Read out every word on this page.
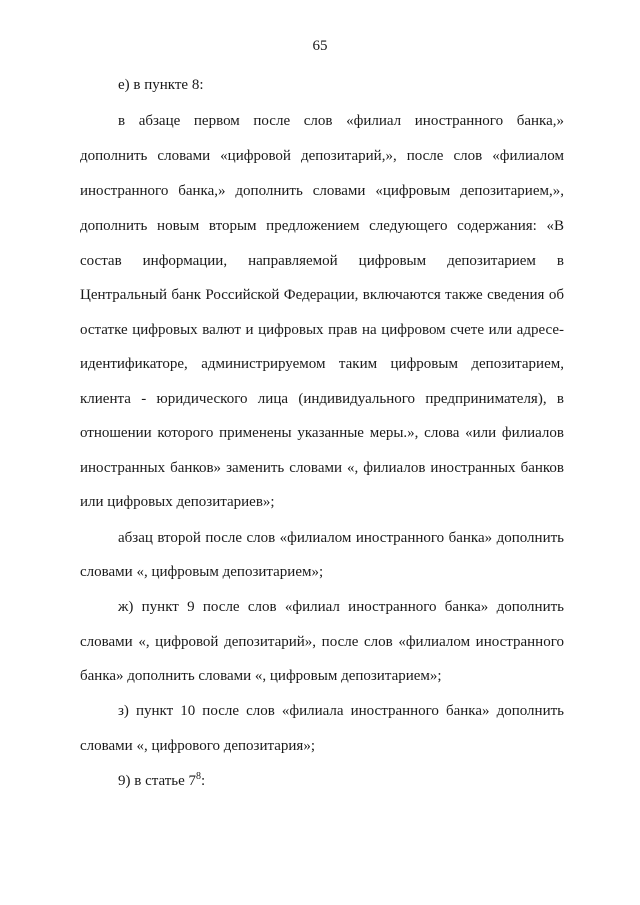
65
е) в пункте 8:
в абзаце первом после слов «филиал иностранного банка,»
дополнить словами «цифровой депозитарий,», после слов «филиалом
иностранного банка,» дополнить словами «цифровым депозитарием,»,
дополнить новым вторым предложением следующего содержания: «В
состав информации, направляемой цифровым депозитарием в
Центральный банк Российской Федерации, включаются также сведения об
остатке цифровых валют и цифровых прав на цифровом счете или адресе-
идентификаторе, администрируемом таким цифровым депозитарием,
клиента - юридического лица (индивидуального предпринимателя), в
отношении которого применены указанные меры.», слова «или филиалов
иностранных банков» заменить словами «, филиалов иностранных банков
или цифровых депозитариев»;
абзац второй после слов «филиалом иностранного банка» дополнить
словами «, цифровым депозитарием»;
ж) пункт 9 после слов «филиал иностранного банка» дополнить
словами «, цифровой депозитарий», после слов «филиалом иностранного
банка» дополнить словами «, цифровым депозитарием»;
з) пункт 10 после слов «филиала иностранного банка» дополнить
словами «, цифрового депозитария»;
9) в статье $7^8$:
